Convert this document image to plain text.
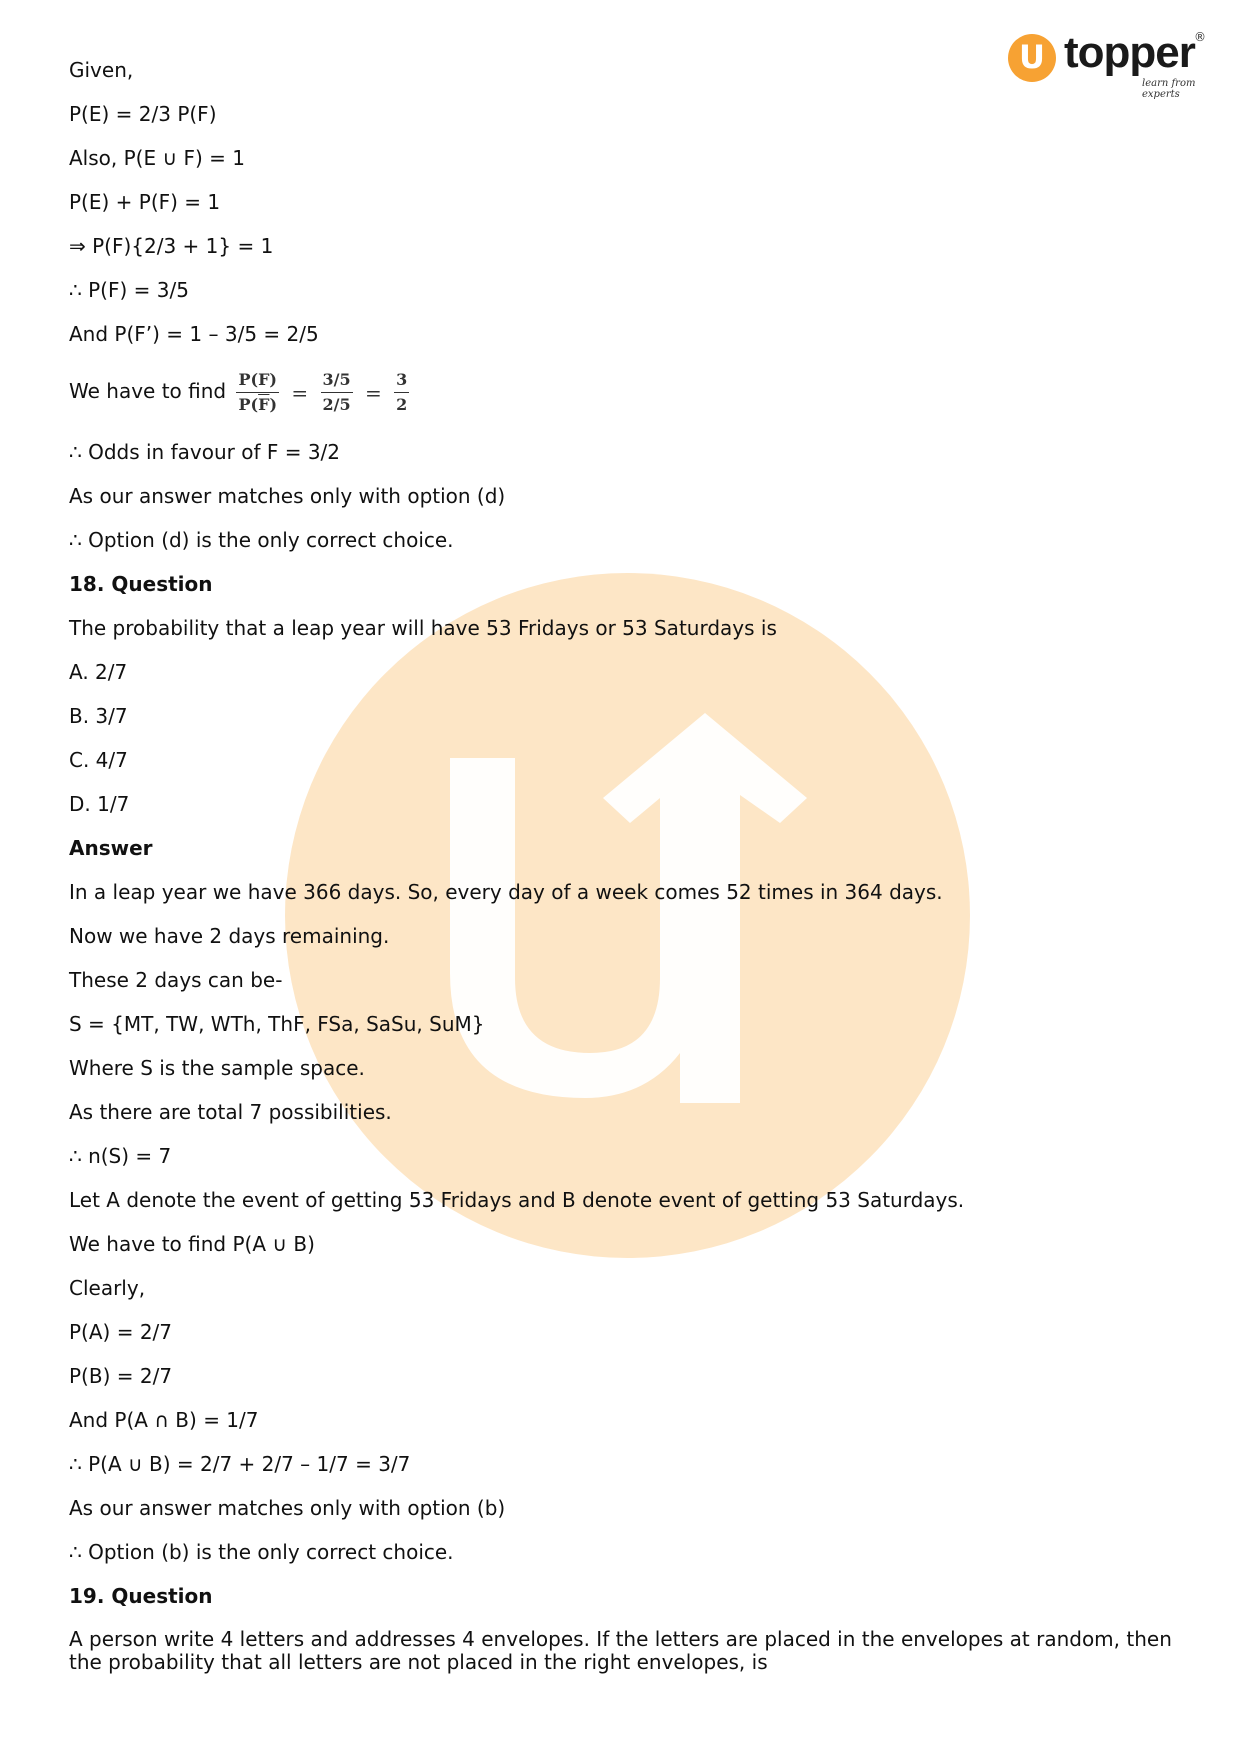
U topper ®
learn from experts
Given,
P(E) = 2/3 P(F)
Also, P(E ∪ F) = 1
P(E) + P(F) = 1
⇒ P(F){2/3 + 1} = 1
∴ P(F) = 3/5
And P(F’) = 1 – 3/5 = 2/5
We have to find $\frac{P(F)}{P(\overline{F})} = \frac{3/5}{2/5} = \frac{3}{2}$
∴ Odds in favour of F = 3/2
As our answer matches only with option (d)
∴ Option (d) is the only correct choice.
18. Question
The probability that a leap year will have 53 Fridays or 53 Saturdays is
A. 2/7
B. 3/7
C. 4/7
D. 1/7
Answer
In a leap year we have 366 days. So, every day of a week comes 52 times in 364 days.
Now we have 2 days remaining.
These 2 days can be-
S = {MT, TW, WTh, ThF, FSa, SaSu, SuM}
Where S is the sample space.
As there are total 7 possibilities.
∴ n(S) = 7
Let A denote the event of getting 53 Fridays and B denote event of getting 53 Saturdays.
We have to find P(A ∪ B)
Clearly,
P(A) = 2/7
P(B) = 2/7
And P(A ∩ B) = 1/7
∴ P(A ∪ B) = 2/7 + 2/7 – 1/7 = 3/7
As our answer matches only with option (b)
∴ Option (b) is the only correct choice.
19. Question
A person write 4 letters and addresses 4 envelopes. If the letters are placed in the envelopes at random, then the probability that all letters are not placed in the right envelopes, is
